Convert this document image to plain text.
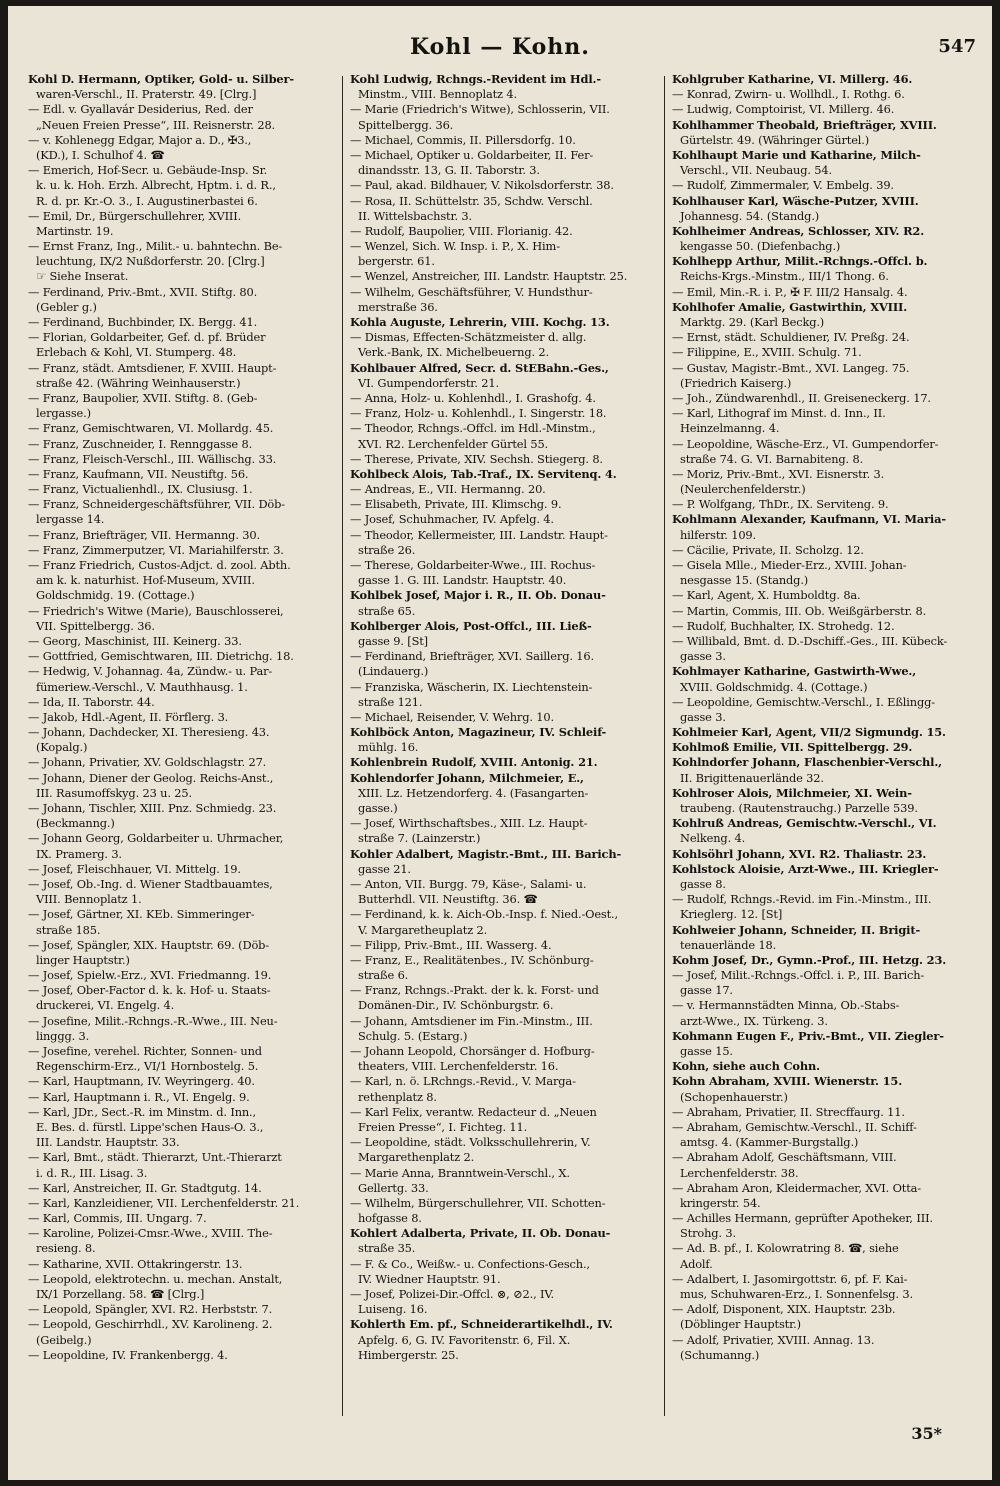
Kohl — Kohn.	547
Kohl D. Hermann, Optiker, Gold- u. Silber-
waren-Verschl., II. Praterstr. 49. [Clrg.]
— Edl. v. Gyallavár Desiderius, Red. der
„Neuen Freien Presse“, III. Reisnerstr. 28.
— v. Kohlenegg Edgar, Major a. D., ✠3.,
(KD.), I. Schulhof 4. ☎
— Emerich, Hof-Secr. u. Gebäude-Insp. Sr.
k. u. k. Hoh. Erzh. Albrecht, Hptm. i. d. R.,
R. d. pr. Kr.-O. 3., I. Augustinerbastei 6.
— Emil, Dr., Bürgerschullehrer, XVIII.
Martinstr. 19.
— Ernst Franz, Ing., Milit.- u. bahntechn. Be-
leuchtung, IX/2 Nußdorferstr. 20. [Clrg.]
☞ Siehe Inserat.
— Ferdinand, Priv.-Bmt., XVII. Stiftg. 80.
(Gebler g.)
— Ferdinand, Buchbinder, IX. Bergg. 41.
— Florian, Goldarbeiter, Gef. d. pf. Brüder
Erlebach & Kohl, VI. Stumperg. 48.
— Franz, städt. Amtsdiener, F. XVIII. Haupt-
straße 42. (Währing Weinhauserstr.)
— Franz, Baupolier, XVII. Stiftg. 8. (Geb-
lergasse.)
— Franz, Gemischtwaren, VI. Mollardg. 45.
— Franz, Zuschneider, I. Rennggasse 8.
— Franz, Fleisch-Verschl., III. Wällischg. 33.
— Franz, Kaufmann, VII. Neustiftg. 56.
— Franz, Victualienhdl., IX. Clusiusg. 1.
— Franz, Schneidergeschäftsführer, VII. Döb-
lergasse 14.
— Franz, Briefträger, VII. Hermanng. 30.
— Franz, Zimmerputzer, VI. Mariahilferstr. 3.
— Franz Friedrich, Custos-Adjct. d. zool. Abth.
am k. k. naturhist. Hof-Museum, XVIII.
Goldschmidg. 19. (Cottage.)
— Friedrich's Witwe (Marie), Bauschlosserei,
VII. Spittelbergg. 36.
— Georg, Maschinist, III. Keinerg. 33.
— Gottfried, Gemischtwaren, III. Dietrichg. 18.
— Hedwig, V. Johannag. 4a, Zündw.- u. Par-
fümeriew.-Verschl., V. Mauthhausg. 1.
— Ida, II. Taborstr. 44.
— Jakob, Hdl.-Agent, II. Förflerg. 3.
— Johann, Dachdecker, XI. Theresieng. 43.
(Kopalg.)
— Johann, Privatier, XV. Goldschlagstr. 27.
— Johann, Diener der Geolog. Reichs-Anst.,
III. Rasumoffskyg. 23 u. 25.
— Johann, Tischler, XIII. Pnz. Schmiedg. 23.
(Beckmanng.)
— Johann Georg, Goldarbeiter u. Uhrmacher,
IX. Pramerg. 3.
— Josef, Fleischhauer, VI. Mittelg. 19.
— Josef, Ob.-Ing. d. Wiener Stadtbauamtes,
VIII. Bennoplatz 1.
— Josef, Gärtner, XI. KEb. Simmeringer-
straße 185.
— Josef, Spängler, XIX. Hauptstr. 69. (Döb-
linger Hauptstr.)
— Josef, Spielw.-Erz., XVI. Friedmanng. 19.
— Josef, Ober-Factor d. k. k. Hof- u. Staats-
druckerei, VI. Engelg. 4.
— Josefine, Milit.-Rchngs.-R.-Wwe., III. Neu-
linggg. 3.
— Josefine, verehel. Richter, Sonnen- und
Regenschirm-Erz., VI/1 Hornbostelg. 5.
— Karl, Hauptmann, IV. Weyringerg. 40.
— Karl, Hauptmann i. R., VI. Engelg. 9.
— Karl, JDr., Sect.-R. im Minstm. d. Inn.,
E. Bes. d. fürstl. Lippe'schen Haus-O. 3.,
III. Landstr. Hauptstr. 33.
— Karl, Bmt., städt. Thierarzt, Unt.-Thierarzt
i. d. R., III. Lisag. 3.
— Karl, Anstreicher, II. Gr. Stadtgutg. 14.
— Karl, Kanzleidiener, VII. Lerchenfelderstr. 21.
— Karl, Commis, III. Ungarg. 7.
— Karoline, Polizei-Cmsr.-Wwe., XVIII. The-
resieng. 8.
— Katharine, XVII. Ottakringerstr. 13.
— Leopold, elektrotechn. u. mechan. Anstalt,
IX/1 Porzellang. 58. ☎ [Clrg.]
— Leopold, Spängler, XVI. R2. Herbststr. 7.
— Leopold, Geschirrhdl., XV. Karolineng. 2.
(Geibelg.)
— Leopoldine, IV. Frankenbergg. 4.
Kohl Ludwig, Rchngs.-Revident im Hdl.-
Minstm., VIII. Bennoplatz 4.
— Marie (Friedrich's Witwe), Schlosserin, VII.
Spittelbergg. 36.
— Michael, Commis, II. Pillersdorfg. 10.
— Michael, Optiker u. Goldarbeiter, II. Fer-
dinandsstr. 13, G. II. Taborstr. 3.
— Paul, akad. Bildhauer, V. Nikolsdorferstr. 38.
— Rosa, II. Schüttelstr. 35, Schdw. Verschl.
II. Wittelsbachstr. 3.
— Rudolf, Baupolier, VIII. Florianig. 42.
— Wenzel, Sich. W. Insp. i. P., X. Him-
bergerstr. 61.
— Wenzel, Anstreicher, III. Landstr. Hauptstr. 25.
— Wilhelm, Geschäftsführer, V. Hundsthur-
merstraße 36.
Kohla Auguste, Lehrerin, VIII. Kochg. 13.
— Dismas, Effecten-Schätzmeister d. allg.
Verk.-Bank, IX. Michelbeuerng. 2.
Kohlbauer Alfred, Secr. d. StEBahn.-Ges.,
VI. Gumpendorferstr. 21.
— Anna, Holz- u. Kohlenhdl., I. Grashofg. 4.
— Franz, Holz- u. Kohlenhdl., I. Singerstr. 18.
— Theodor, Rchngs.-Offcl. im Hdl.-Minstm.,
XVI. R2. Lerchenfelder Gürtel 55.
— Therese, Private, XIV. Sechsh. Stiegerg. 8.
Kohlbeck Alois, Tab.-Traf., IX. Servitenq. 4.
— Andreas, E., VII. Hermanng. 20.
— Elisabeth, Private, III. Klimschg. 9.
— Josef, Schuhmacher, IV. Apfelg. 4.
— Theodor, Kellermeister, III. Landstr. Haupt-
straße 26.
— Therese, Goldarbeiter-Wwe., III. Rochus-
gasse 1. G. III. Landstr. Hauptstr. 40.
Kohlbek Josef, Major i. R., II. Ob. Donau-
straße 65.
Kohlberger Alois, Post-Offcl., III. Ließ-
gasse 9. [St]
— Ferdinand, Briefträger, XVI. Saillerg. 16.
(Lindauerg.)
— Franziska, Wäscherin, IX. Liechtenstein-
straße 121.
— Michael, Reisender, V. Wehrg. 10.
Kohlböck Anton, Magazineur, IV. Schleif-
mühlg. 16.
Kohlenbrein Rudolf, XVIII. Antonig. 21.
Kohlendorfer Johann, Milchmeier, E.,
XIII. Lz. Hetzendorferg. 4. (Fasangarten-
gasse.)
— Josef, Wirthschaftsbes., XIII. Lz. Haupt-
straße 7. (Lainzerstr.)
Kohler Adalbert, Magistr.-Bmt., III. Barich-
gasse 21.
— Anton, VII. Burgg. 79, Käse-, Salami- u.
Butterhdl. VII. Neustiftg. 36. ☎
— Ferdinand, k. k. Aich-Ob.-Insp. f. Nied.-Oest.,
V. Margaretheuplatz 2.
— Filipp, Priv.-Bmt., III. Wasserg. 4.
— Franz, E., Realitätenbes., IV. Schönburg-
straße 6.
— Franz, Rchngs.-Prakt. der k. k. Forst- und
Domänen-Dir., IV. Schönburgstr. 6.
— Johann, Amtsdiener im Fin.-Minstm., III.
Schulg. 5. (Estarg.)
— Johann Leopold, Chorsänger d. Hofburg-
theaters, VIII. Lerchenfelderstr. 16.
— Karl, n. ö. LRchngs.-Revid., V. Marga-
rethenplatz 8.
— Karl Felix, verantw. Redacteur d. „Neuen
Freien Presse“, I. Fichteg. 11.
— Leopoldine, städt. Volksschullehrerin, V.
Margarethenplatz 2.
— Marie Anna, Branntwein-Verschl., X.
Gellertg. 33.
— Wilhelm, Bürgerschullehrer, VII. Schotten-
hofgasse 8.
Kohlert Adalberta, Private, II. Ob. Donau-
straße 35.
— F. & Co., Weißw.- u. Confections-Gesch.,
IV. Wiedner Hauptstr. 91.
— Josef, Polizei-Dir.-Offcl. ⊗, ⊘2., IV.
Luiseng. 16.
Kohlerth Em. pf., Schneiderartikelhdl., IV.
Apfelg. 6, G. IV. Favoritenstr. 6, Fil. X.
Himbergerstr. 25.
Kohlgruber Katharine, VI. Millerg. 46.
— Konrad, Zwirn- u. Wollhdl., I. Rothg. 6.
— Ludwig, Comptoirist, VI. Millerg. 46.
Kohlhammer Theobald, Briefträger, XVIII.
Gürtelstr. 49. (Währinger Gürtel.)
Kohlhaupt Marie und Katharine, Milch-
Verschl., VII. Neubaug. 54.
— Rudolf, Zimmermaler, V. Embelg. 39.
Kohlhauser Karl, Wäsche-Putzer, XVIII.
Johannesg. 54. (Standg.)
Kohlheimer Andreas, Schlosser, XIV. R2.
kengasse 50. (Diefenbachg.)
Kohlhepp Arthur, Milit.-Rchngs.-Offcl. b.
Reichs-Krgs.-Minstm., III/1 Thong. 6.
— Emil, Min.-R. i. P., ✠ F. III/2 Hansalg. 4.
Kohlhofer Amalie, Gastwirthin, XVIII.
Marktg. 29. (Karl Beckg.)
— Ernst, städt. Schuldiener, IV. Preßg. 24.
— Filippine, E., XVIII. Schulg. 71.
— Gustav, Magistr.-Bmt., XVI. Langeg. 75.
(Friedrich Kaiserg.)
— Joh., Zündwarenhdl., II. Greiseneckerg. 17.
— Karl, Lithograf im Minst. d. Inn., II.
Heinzelmanng. 4.
— Leopoldine, Wäsche-Erz., VI. Gumpendorfer-
straße 74. G. VI. Barnabiteng. 8.
— Moriz, Priv.-Bmt., XVI. Eisnerstr. 3.
(Neulerchenfelderstr.)
— P. Wolfgang, ThDr., IX. Serviteng. 9.
Kohlmann Alexander, Kaufmann, VI. Maria-
hilferstr. 109.
— Cäcilie, Private, II. Scholzg. 12.
— Gisela Mlle., Mieder-Erz., XVIII. Johan-
nesgasse 15. (Standg.)
— Karl, Agent, X. Humboldtg. 8a.
— Martin, Commis, III. Ob. Weißgärberstr. 8.
— Rudolf, Buchhalter, IX. Strohedg. 12.
— Willibald, Bmt. d. D.-Dschiff.-Ges., III. Kübeck-
gasse 3.
Kohlmayer Katharine, Gastwirth-Wwe.,
XVIII. Goldschmidg. 4. (Cottage.)
— Leopoldine, Gemischtw.-Verschl., I. Eßlingg-
gasse 3.
Kohlmeier Karl, Agent, VII/2 Sigmundg. 15.
Kohlmoß Emilie, VII. Spittelbergg. 29.
Kohlndorfer Johann, Flaschenbier-Verschl.,
II. Brigittenauerlände 32.
Kohlroser Alois, Milchmeier, XI. Wein-
traubeng. (Rautenstrauchg.) Parzelle 539.
Kohlruß Andreas, Gemischtw.-Verschl., VI.
Nelkeng. 4.
Kohlsöhrl Johann, XVI. R2. Thaliastr. 23.
Kohlstock Aloisie, Arzt-Wwe., III. Kriegler-
gasse 8.
— Rudolf, Rchngs.-Revid. im Fin.-Minstm., III.
Krieglerg. 12. [St]
Kohlweier Johann, Schneider, II. Brigit-
tenauerlände 18.
Kohm Josef, Dr., Gymn.-Prof., III. Hetzg. 23.
— Josef, Milit.-Rchngs.-Offcl. i. P., III. Barich-
gasse 17.
— v. Hermannstädten Minna, Ob.-Stabs-
arzt-Wwe., IX. Türkeng. 3.
Kohmann Eugen F., Priv.-Bmt., VII. Ziegler-
gasse 15.
Kohn, siehe auch Cohn.
Kohn Abraham, XVIII. Wienerstr. 15.
(Schopenhauerstr.)
— Abraham, Privatier, II. Strecffaurg. 11.
— Abraham, Gemischtw.-Verschl., II. Schiff-
amtsg. 4. (Kammer-Burgstallg.)
— Abraham Adolf, Geschäftsmann, VIII.
Lerchenfelderstr. 38.
— Abraham Aron, Kleidermacher, XVI. Otta-
kringerstr. 54.
— Achilles Hermann, geprüfter Apotheker, III.
Strohg. 3.
— Ad. B. pf., I. Kolowratring 8. ☎, siehe
Adolf.
— Adalbert, I. Jasomirgottstr. 6, pf. F. Kai-
mus, Schuhwaren-Erz., I. Sonnenfelsg. 3.
— Adolf, Disponent, XIX. Hauptstr. 23b.
(Döblinger Hauptstr.)
— Adolf, Privatier, XVIII. Annag. 13.
(Schumanng.)
35*
